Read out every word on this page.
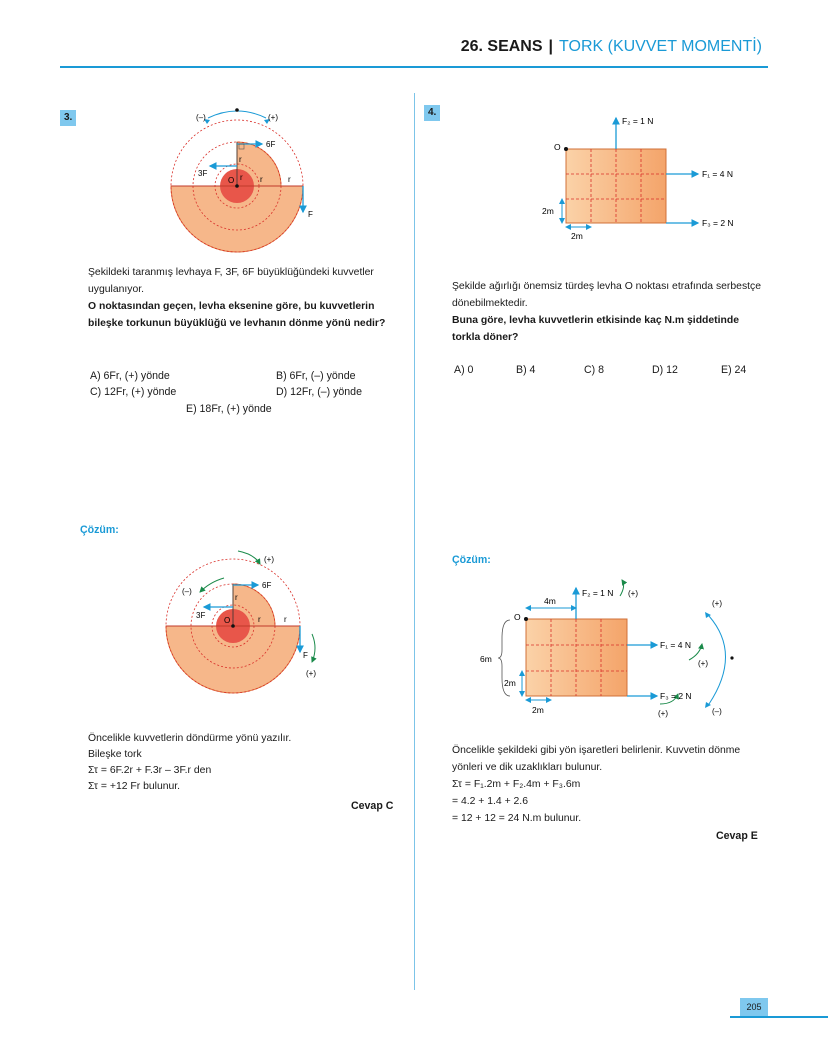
26. SEANS | TORK (KUVVET MOMENTİ)
3.	(–)	(+)
6F
3F
F
O
r
r	r
r
Şekildeki taranmış levhaya F, 3F, 6F büyüklüğündeki kuvvetler uygulanıyor.
O noktasından geçen, levha eksenine göre, bu kuvvetlerin bileşke torkunun büyüklüğü ve levhanın dönme yönü nedir?
A) 6Fr, (+) yönde	B) 6Fr, (–) yönde
C) 12Fr, (+) yönde	D) 12Fr, (–) yönde
E) 18Fr, (+) yönde
Çözüm:
(+)
(–)
6F
3F
F
(+)
O
r
r	r
Öncelikle kuvvetlerin döndürme yönü yazılır.
Bileşke tork
Στ = 6F.2r + F.3r – 3F.r den
Στ = +12 Fr bulunur.
Cevap C
4.
F₂ = 1 N
F₁ = 4 N
F₃ = 2 N
O
2m
2m
Şekilde ağırlığı önemsiz türdeş levha O noktası etrafında serbestçe dönebilmektedir.
Buna göre, levha kuvvetlerin etkisinde kaç N.m şiddetinde torkla döner?
A) 0	B) 4	C) 8	D) 12	E) 24
Çözüm:
F₂ = 1 N (+)
F₁ = 4 N
(+)
F₃ = 2 N
(+)
(+)
(–)
O
4m
6m
2m
2m
Öncelikle şekildeki gibi yön işaretleri belirlenir. Kuvvetin dönme yönleri ve dik uzaklıkları bulunur.
Στ = F₁.2m + F₂.4m + F₃.6m
= 4.2 + 1.4 + 2.6
= 12 + 12 = 24 N.m bulunur.
Cevap E
205
